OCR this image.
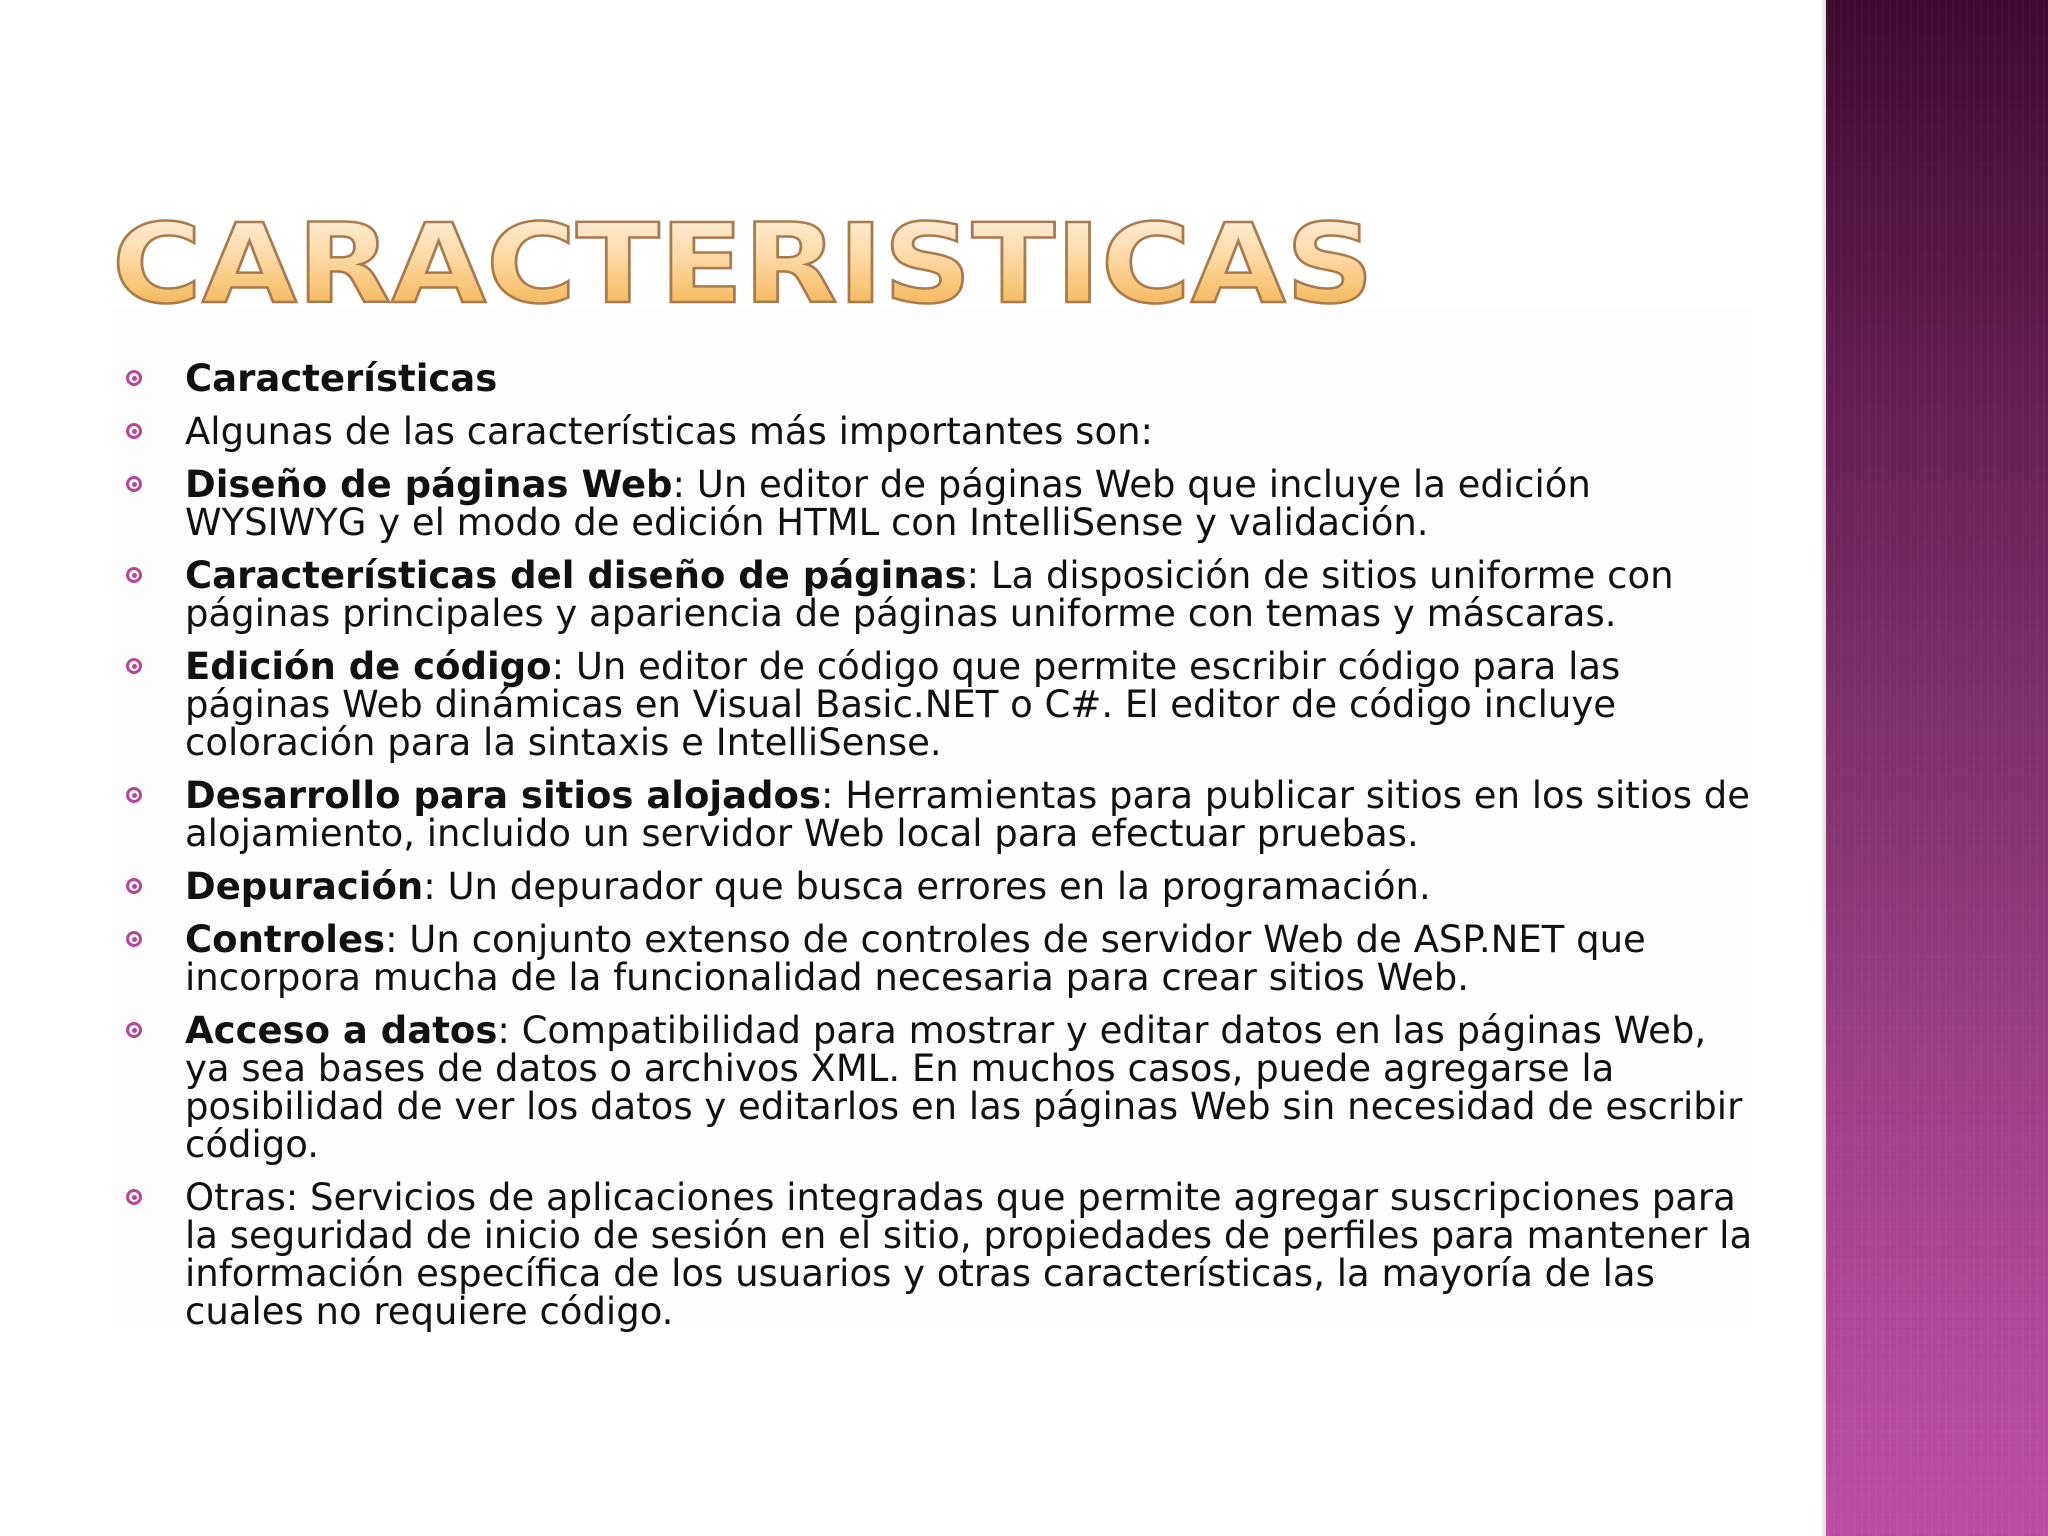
CARACTERISTICAS
Características
Algunas de las características más importantes son:
Diseño de páginas Web: Un editor de páginas Web que incluye la edición WYSIWYG y el modo de edición HTML con IntelliSense y validación.
Características del diseño de páginas: La disposición de sitios uniforme con páginas principales y apariencia de páginas uniforme con temas y máscaras.
Edición de código: Un editor de código que permite escribir código para las páginas Web dinámicas en Visual Basic.NET o C#. El editor de código incluye coloración para la sintaxis e IntelliSense.
Desarrollo para sitios alojados: Herramientas para publicar sitios en los sitios de alojamiento, incluido un servidor Web local para efectuar pruebas.
Depuración: Un depurador que busca errores en la programación.
Controles: Un conjunto extenso de controles de servidor Web de ASP.NET que incorpora mucha de la funcionalidad necesaria para crear sitios Web.
Acceso a datos: Compatibilidad para mostrar y editar datos en las páginas Web, ya sea bases de datos o archivos XML. En muchos casos, puede agregarse la posibilidad de ver los datos y editarlos en las páginas Web sin necesidad de escribir código.
Otras: Servicios de aplicaciones integradas que permite agregar suscripciones para la seguridad de inicio de sesión en el sitio, propiedades de perfiles para mantener la información específica de los usuarios y otras características, la mayoría de las cuales no requiere código.
